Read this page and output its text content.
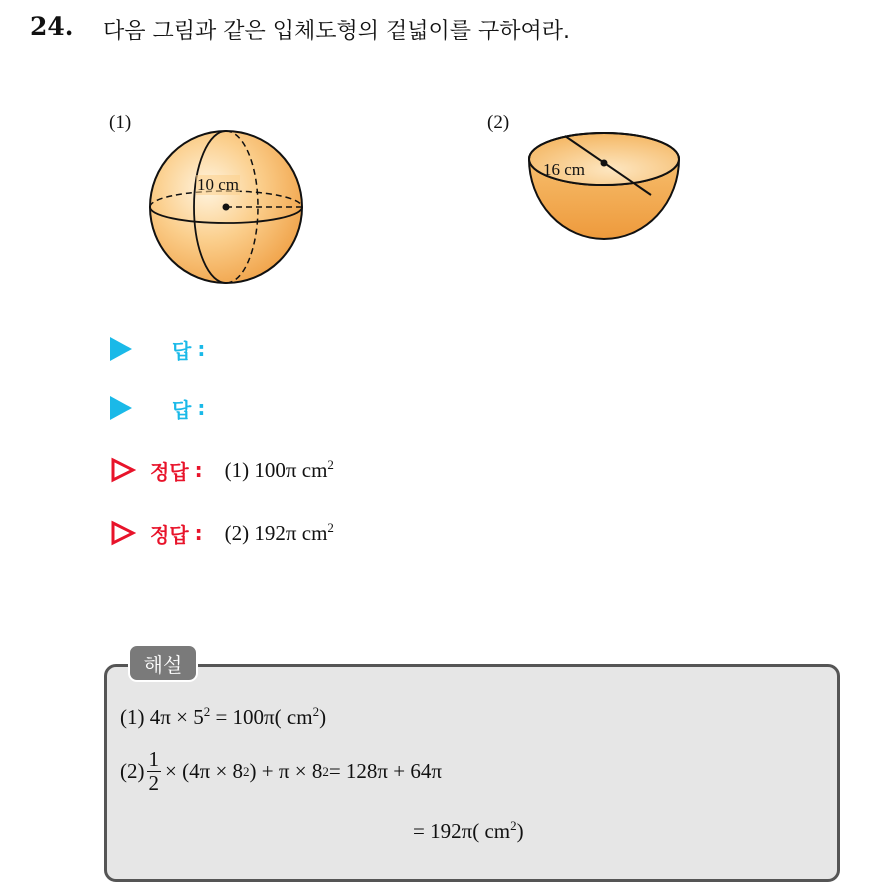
24. 다음 그림과 같은 입체도형의 겉넓이를 구하여라.
(1)	(2)
10 cm
16 cm
답 :
답 :
정답 : (1) 100π $cm^2$
정답 : (2) 192π $cm^2$
해설
(1) $4\pi \times 5^2 = 100\pi$( $cm^2$)
$(2) \frac{1}{2} \times (4\pi \times 8$ 2 ) + π × 8 2 = 128π + 64π
= 192π( $cm^2$)
